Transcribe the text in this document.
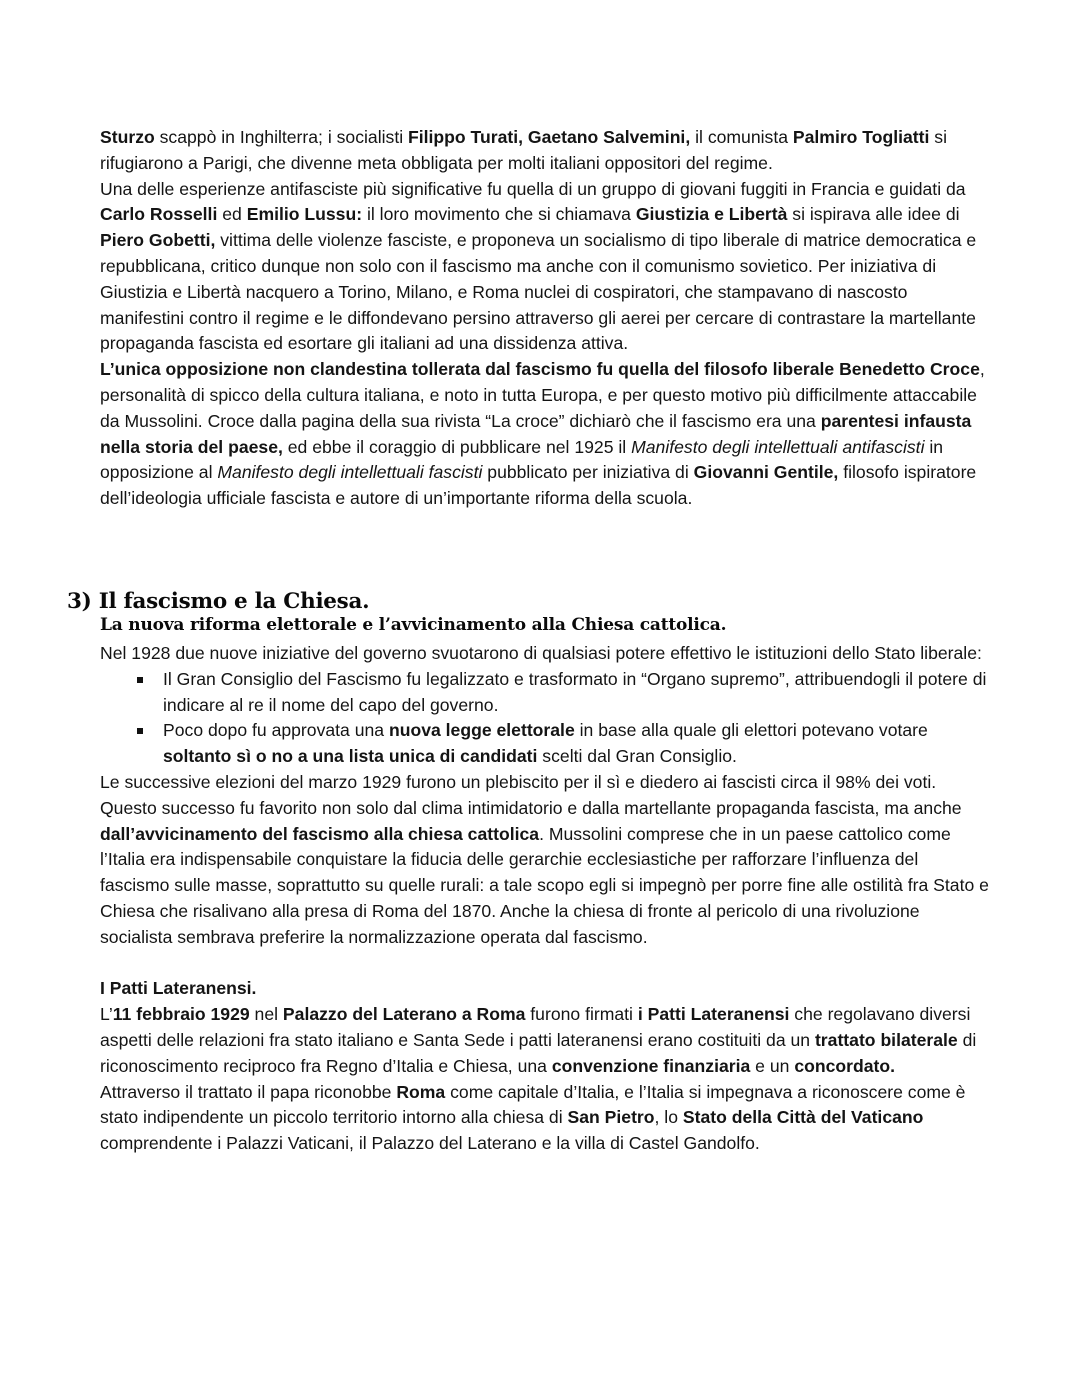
Sturzo scappò in Inghilterra; i socialisti Filippo Turati, Gaetano Salvemini, il comunista Palmiro Togliatti si rifugiarono a Parigi, che divenne meta obbligata per molti italiani oppositori del regime.

Una delle esperienze antifasciste più significative fu quella di un gruppo di giovani fuggiti in Francia e guidati da Carlo Rosselli ed Emilio Lussu: il loro movimento che si chiamava Giustizia e Libertà si ispirava alle idee di Piero Gobetti, vittima delle violenze fasciste, e proponeva un socialismo di tipo liberale di matrice democratica e repubblicana, critico dunque non solo con il fascismo ma anche con il comunismo sovietico. Per iniziativa di Giustizia e Libertà nacquero a Torino, Milano, e Roma nuclei di cospiratori, che stampavano di nascosto manifestini contro il regime e le diffondevano persino attraverso gli aerei per cercare di contrastare la martellante propaganda fascista ed esortare gli italiani ad una dissidenza attiva.

L’unica opposizione non clandestina tollerata dal fascismo fu quella del filosofo liberale Benedetto Croce, personalità di spicco della cultura italiana, e noto in tutta Europa, e per questo motivo più difficilmente attaccabile da Mussolini. Croce dalla pagina della sua rivista “La croce” dichiarò che il fascismo era una parentesi infausta nella storia del paese, ed ebbe il coraggio di pubblicare nel 1925 il Manifesto degli intellettuali antifascisti in opposizione al Manifesto degli intellettuali fascisti pubblicato per iniziativa di Giovanni Gentile, filosofo ispiratore dell’ideologia ufficiale fascista e autore di un’importante riforma della scuola.

3) Il fascismo e la Chiesa.
La nuova riforma elettorale e l’avvicinamento alla Chiesa cattolica.

Nel 1928 due nuove iniziative del governo svuotarono di qualsiasi potere effettivo le istituzioni dello Stato liberale:

Il Gran Consiglio del Fascismo fu legalizzato e trasformato in “Organo supremo”, attribuendogli il potere di indicare al re il nome del capo del governo.
Poco dopo fu approvata una nuova legge elettorale in base alla quale gli elettori potevano votare soltanto sì o no a una lista unica di candidati scelti dal Gran Consiglio.

Le successive elezioni del marzo 1929 furono un plebiscito per il sì e diedero ai fascisti circa il 98% dei voti.

Questo successo fu favorito non solo dal clima intimidatorio e dalla martellante propaganda fascista, ma anche dall’avvicinamento del fascismo alla chiesa cattolica. Mussolini comprese che in un paese cattolico come l’Italia era indispensabile conquistare la fiducia delle gerarchie ecclesiastiche per rafforzare l’influenza del fascismo sulle masse, soprattutto su quelle rurali: a tale scopo egli si impegnò per porre fine alle ostilità fra Stato e Chiesa che risalivano alla presa di Roma del 1870. Anche la chiesa di fronte al pericolo di una rivoluzione socialista sembrava preferire la normalizzazione operata dal fascismo.

I Patti Lateranensi.

L’11 febbraio 1929 nel Palazzo del Laterano a Roma furono firmati i Patti Lateranensi che regolavano diversi aspetti delle relazioni fra stato italiano e Santa Sede i patti lateranensi erano costituiti da un trattato bilaterale di riconoscimento reciproco fra Regno d’Italia e Chiesa, una convenzione finanziaria e un concordato.

Attraverso il trattato il papa riconobbe Roma come capitale d’Italia, e l’Italia si impegnava a riconoscere come è stato indipendente un piccolo territorio intorno alla chiesa di San Pietro, lo Stato della Città del Vaticano comprendente i Palazzi Vaticani, il Palazzo del Laterano e la villa di Castel Gandolfo.
